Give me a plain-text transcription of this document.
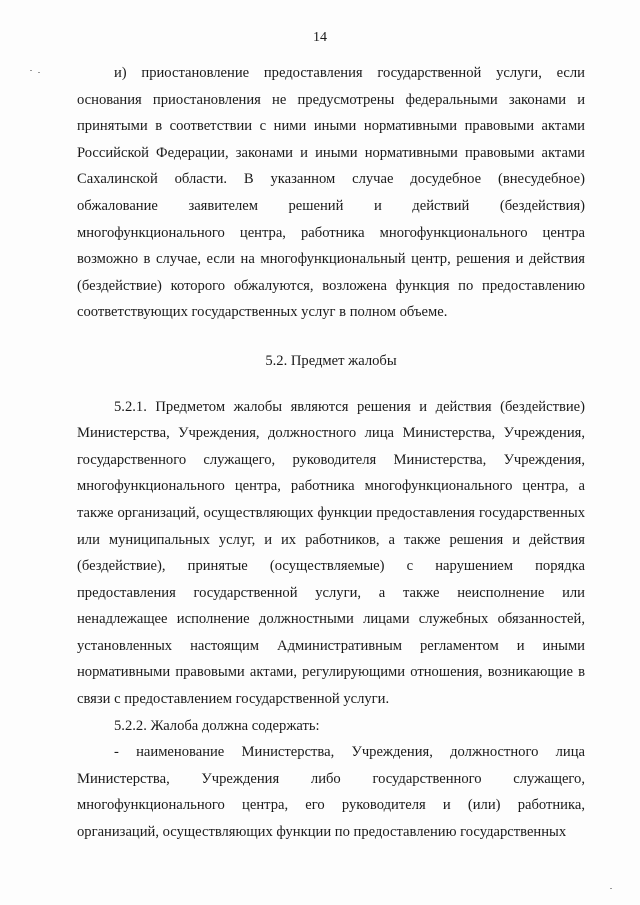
14

и) приостановление предоставления государственной услуги, если основания приостановления не предусмотрены федеральными законами и принятыми в соответствии с ними иными нормативными правовыми актами Российской Федерации, законами и иными нормативными правовыми актами Сахалинской области. В указанном случае досудебное (внесудебное) обжалование заявителем решений и действий (бездействия) многофункционального центра, работника многофункционального центра возможно в случае, если на многофункциональный центр, решения и действия (бездействие) которого обжалуются, возложена функция по предоставлению соответствующих государственных услуг в полном объеме.

5.2. Предмет жалобы

5.2.1. Предметом жалобы являются решения и действия (бездействие) Министерства, Учреждения, должностного лица Министерства, Учреждения, государственного служащего, руководителя Министерства, Учреждения, многофункционального центра, работника многофункционального центра, а также организаций, осуществляющих функции предоставления государственных или муниципальных услуг, и их работников, а также решения и действия (бездействие), принятые (осуществляемые) с нарушением порядка предоставления государственной услуги, а также неисполнение или ненадлежащее исполнение должностными лицами служебных обязанностей, установленных настоящим Административным регламентом и иными нормативными правовыми актами, регулирующими отношения, возникающие в связи с предоставлением государственной услуги.

5.2.2. Жалоба должна содержать:

- наименование Министерства, Учреждения, должностного лица Министерства, Учреждения либо государственного служащего, многофункционального центра, его руководителя и (или) работника, организаций, осуществляющих функции по предоставлению государственных
